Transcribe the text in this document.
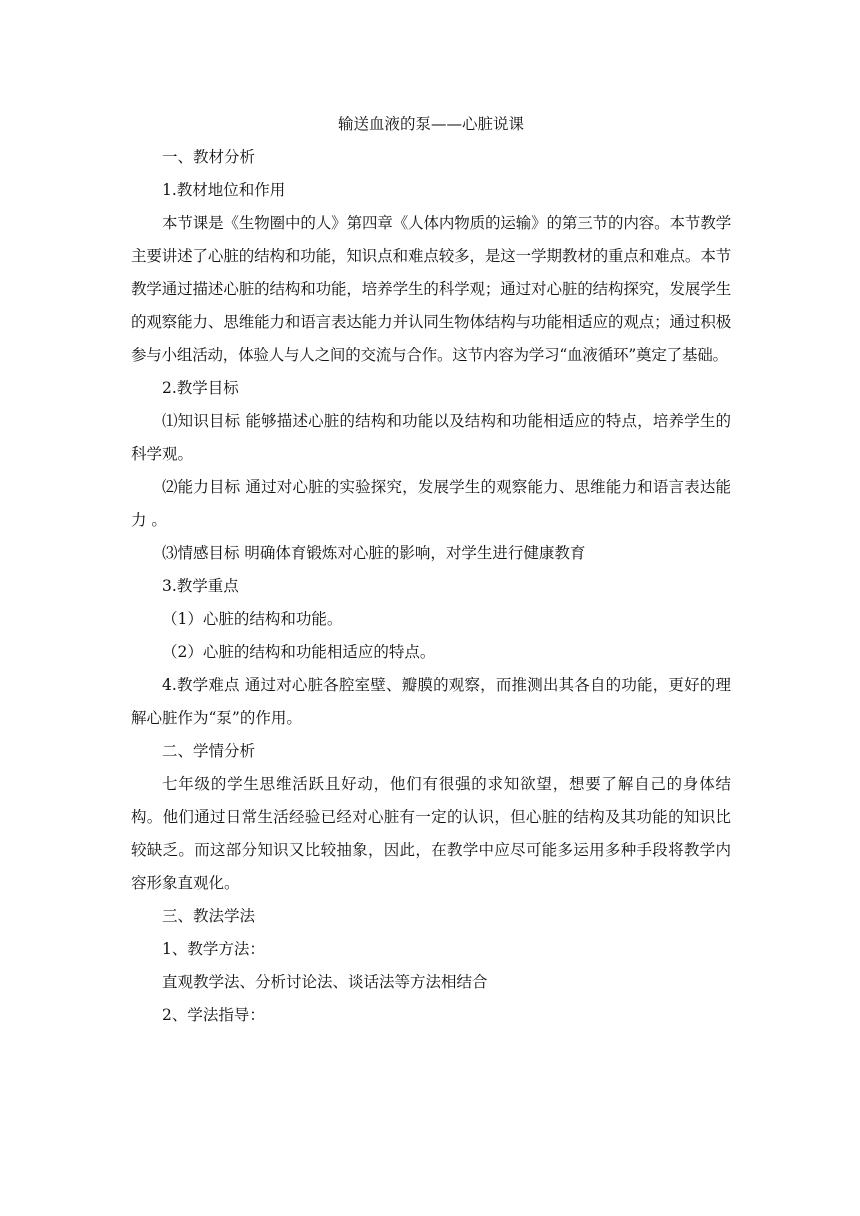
输送血液的泵——心脏说课

一、教材分析

1.教材地位和作用

本节课是《生物圈中的人》第四章《人体内物质的运输》的第三节的内容。本节教学主要讲述了心脏的结构和功能，知识点和难点较多，是这一学期教材的重点和难点。本节教学通过描述心脏的结构和功能，培养学生的科学观；通过对心脏的结构探究，发展学生的观察能力、思维能力和语言表达能力并认同生物体结构与功能相适应的观点；通过积极参与小组活动，体验人与人之间的交流与合作。这节内容为学习“血液循环”奠定了基础。

2.教学目标

⑴知识目标 能够描述心脏的结构和功能以及结构和功能相适应的特点，培养学生的科学观。

⑵能力目标 通过对心脏的实验探究，发展学生的观察能力、思维能力和语言表达能力 。

⑶情感目标 明确体育锻炼对心脏的影响，对学生进行健康教育

3.教学重点

（1）心脏的结构和功能。

（2）心脏的结构和功能相适应的特点。

4.教学难点 通过对心脏各腔室壁、瓣膜的观察，而推测出其各自的功能，更好的理解心脏作为“泵”的作用。

二、学情分析

七年级的学生思维活跃且好动，他们有很强的求知欲望，想要了解自己的身体结构。他们通过日常生活经验已经对心脏有一定的认识，但心脏的结构及其功能的知识比较缺乏。而这部分知识又比较抽象，因此，在教学中应尽可能多运用多种手段将教学内容形象直观化。

三、教法学法

1、教学方法：

直观教学法、分析讨论法、谈话法等方法相结合

2、学法指导：
